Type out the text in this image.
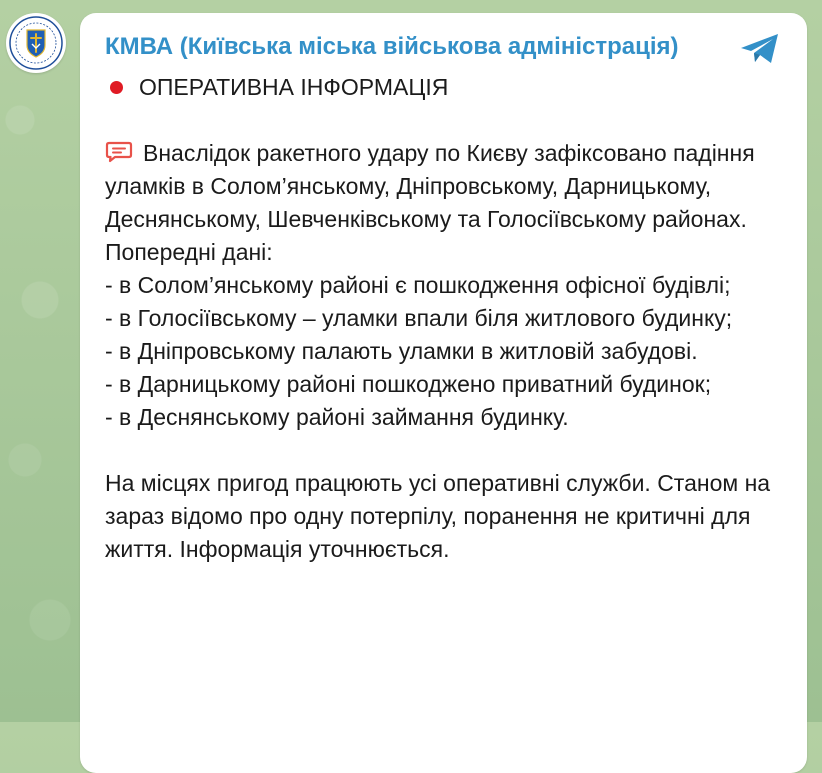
КМВА (Київська міська військова адміністрація)

ОПЕРАТИВНА ІНФОРМАЦІЯ

Внаслідок ракетного удару по Києву зафіксовано падіння уламків в Солом’янському, Дніпровському, Дарницькому, Деснянському, Шевченківському та Голосіївському районах. Попередні дані:

- в Солом’янському районі є пошкодження офісної будівлі;

- в Голосіївському – уламки впали біля житлового будинку;

- в Дніпровському палають уламки в житловій забудові.

- в Дарницькому районі пошкоджено приватний будинок;

- в Деснянському районі займання будинку.

На місцях пригод працюють усі оперативні служби. Станом на зараз відомо про одну потерпілу, поранення не критичні для життя. Інформація уточнюється.
